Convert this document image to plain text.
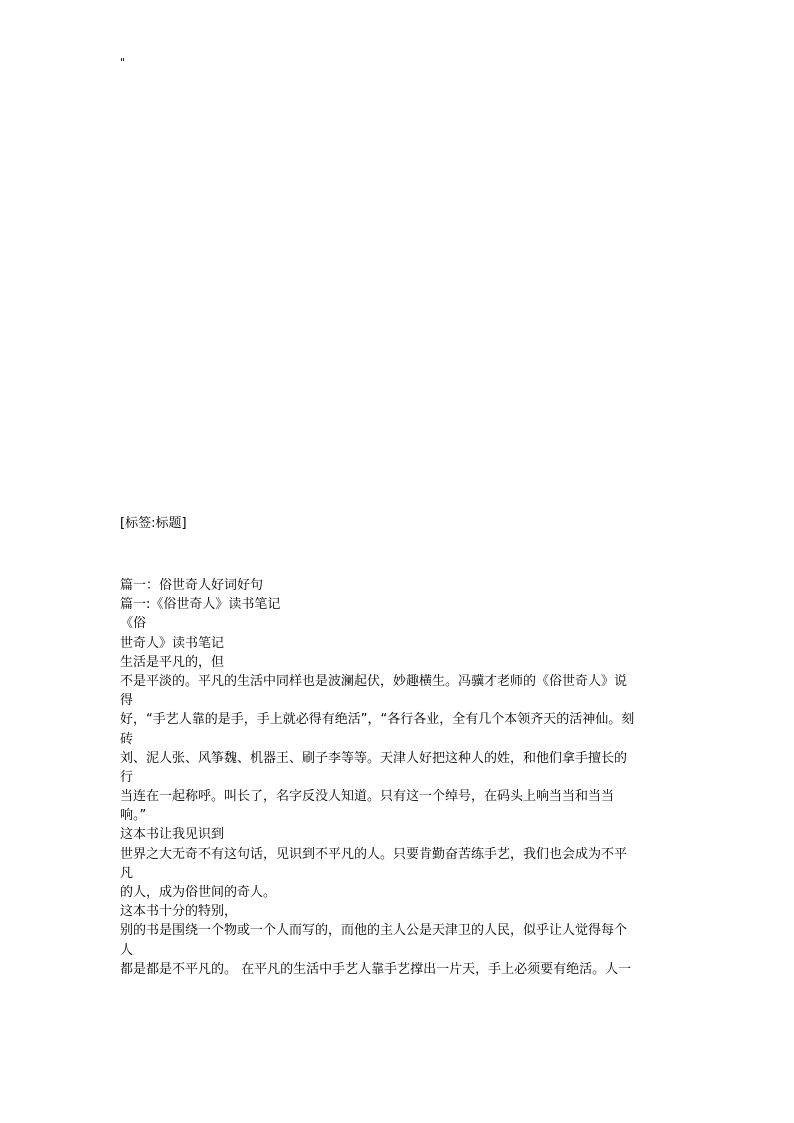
"
[标签:标题]
篇一：俗世奇人好词好句
篇一:《俗世奇人》读书笔记
《俗
世奇人》读书笔记
生活是平凡的，但
不是平淡的。平凡的生活中同样也是波澜起伏，妙趣横生。冯骥才老师的《俗世奇人》说
得
好，“手艺人靠的是手，手上就必得有绝活”，“各行各业，全有几个本领齐天的活神仙。刻
砖
刘、泥人张、风筝魏、机器王、刷子李等等。天津人好把这种人的姓，和他们拿手擅长的
行
当连在一起称呼。叫长了，名字反没人知道。只有这一个绰号，在码头上响当当和当当
响。”
这本书让我见识到
世界之大无奇不有这句话，见识到不平凡的人。只要肯勤奋苦练手艺，我们也会成为不平
凡
的人，成为俗世间的奇人。
这本书十分的特别，
别的书是围绕一个物或一个人而写的，而他的主人公是天津卫的人民，似乎让人觉得每个
人
都是都是不平凡的。 在平凡的生活中手艺人靠手艺撑出一片天，手上必须要有绝活。人一
